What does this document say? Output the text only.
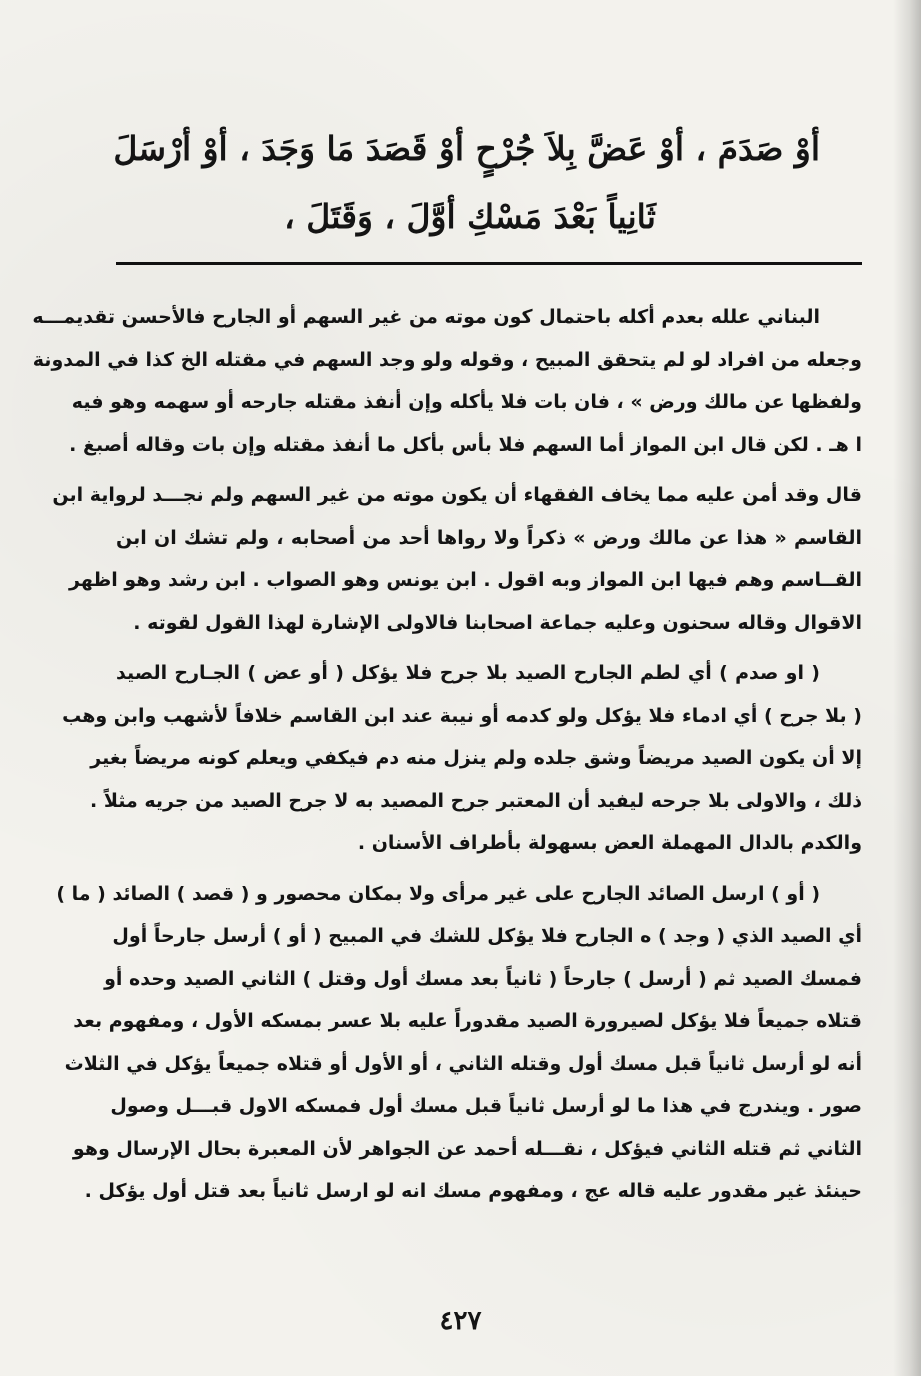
أوْ صَدَمَ ، أوْ عَضَّ بِلاَ جُرْحٍ أوْ قَصَدَ مَا وَجَدَ ، أوْ أرْسَلَ
ثَانِياً بَعْدَ مَسْكِ أوَّلَ ، وَقَتَلَ ،
البناني علله بعدم أكله باحتمال كون موته من غير السهم أو الجارح فالأحسن تقديمـــه
وجعله من افراد لو لم يتحقق المبيح ، وقوله ولو وجد السهم في مقتله الخ كذا في المدونة
ولفظها عن مالك ورض » ، فان بات فلا يأكله وإن أنفذ مقتله جارحه أو سهمه وهو فيه
ا هـ . لكن قال ابن المواز أما السهم فلا بأس بأكل ما أنفذ مقتله وإن بات وقاله أصبغ .
قال وقد أمن عليه مما يخاف الفقهاء أن يكون موته من غير السهم ولم نجـــد لرواية ابن
القاسم « هذا عن مالك ورض » ذكراً ولا رواها أحد من أصحابه ، ولم تشك ان ابن
القــاسم وهم فيها ابن المواز وبه اقول . ابن يونس وهو الصواب . ابن رشد وهو اظهر
الاقوال وقاله سحنون وعليه جماعة اصحابنا فالاولى الإشارة لهذا القول لقوته .
( او صدم ) أي لطم الجارح الصيد بلا جرح فلا يؤكل ( أو عض ) الجـارح الصيد
( بلا جرح ) أي ادماء فلا يؤكل ولو كدمه أو نيبة عند ابن القاسم خلافاً لأشهب وابن وهب
إلا أن يكون الصيد مريضاً وشق جلده ولم ينزل منه دم فيكفي ويعلم كونه مريضاً بغير
ذلك ، والاولى بلا جرحه ليفيد أن المعتبر جرح المصيد به لا جرح الصيد من جريه مثلاً .
والكدم بالدال المهملة العض بسهولة بأطراف الأسنان .
( أو ) ارسل الصائد الجارح على غير مرأى ولا بمكان محصور و ( قصد ) الصائد ( ما )
أي الصيد الذي ( وجد ) ه الجارح فلا يؤكل للشك في المبيح ( أو ) أرسل جارحاً أول
فمسك الصيد ثم ( أرسل ) جارحاً ( ثانياً بعد مسك أول وقتل ) الثاني الصيد وحده أو
قتلاه جميعاً فلا يؤكل لصيرورة الصيد مقدوراً عليه بلا عسر بمسكه الأول ، ومفهوم بعد
أنه لو أرسل ثانياً قبل مسك أول وقتله الثاني ، أو الأول أو قتلاه جميعاً يؤكل في الثلاث
صور . ويندرج في هذا ما لو أرسل ثانياً قبل مسك أول فمسكه الاول قبـــل وصول
الثاني ثم قتله الثاني فيؤكل ، نقـــله أحمد عن الجواهر لأن المعبرة بحال الإرسال وهو
حينئذ غير مقدور عليه قاله عج ، ومفهوم مسك انه لو ارسل ثانياً بعد قتل أول يؤكل .
٤٢٧
